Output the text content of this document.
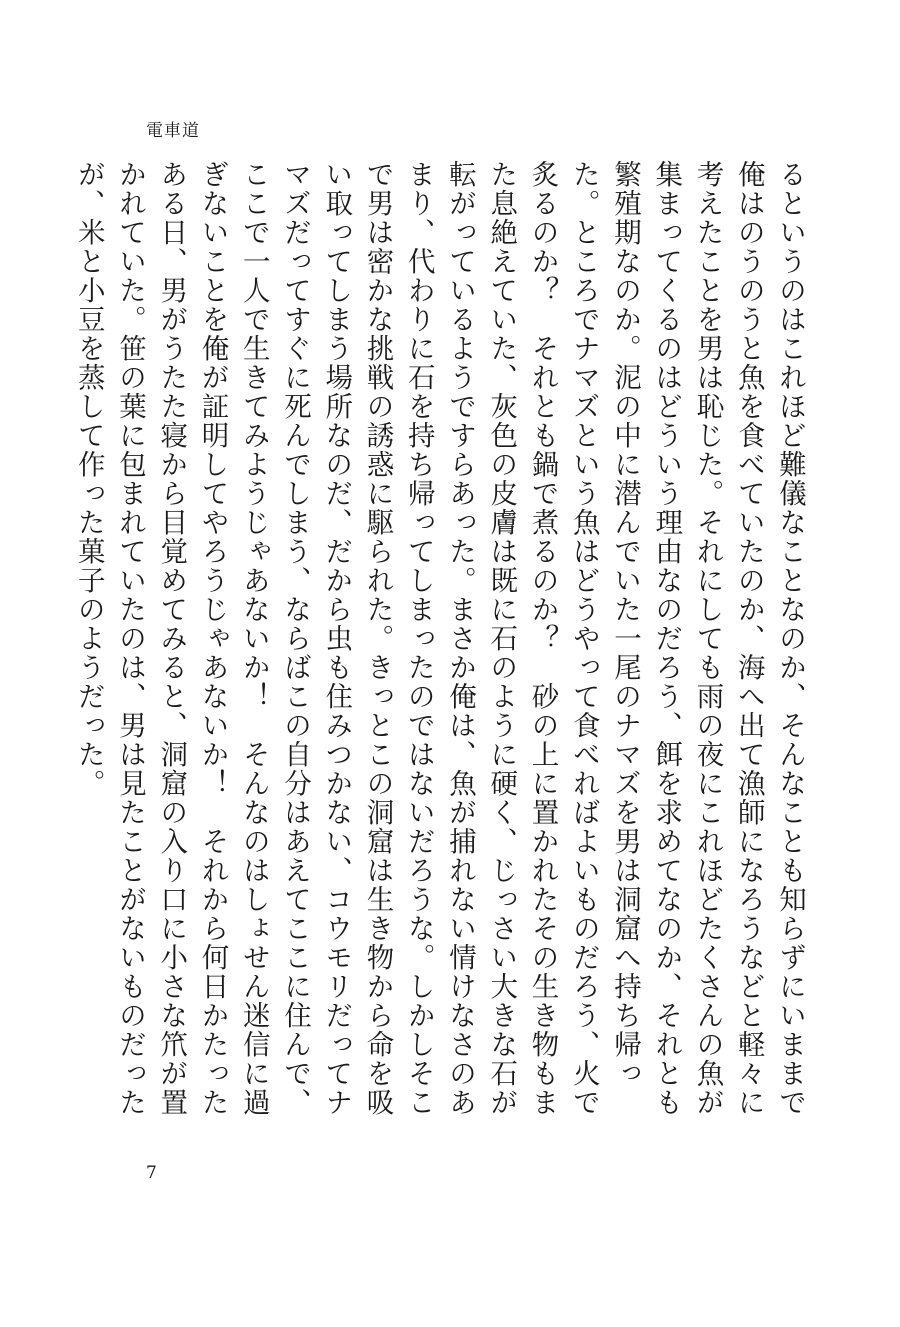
電車道

るというのはこれほど難儀なことなのか、そんなことも知らずにいままで俺はのうのうと魚を食べていたのか、海へ出て漁師になろうなどと軽々に考えたことを男は恥じた。それにしても雨の夜にこれほどたくさんの魚が集まってくるのはどういう理由なのだろう、餌を求めてなのか、それとも繁殖期なのか。泥の中に潜んでいた一尾のナマズを男は洞窟へ持ち帰った。ところでナマズという魚はどうやって食べればよいものだろう、火で炙るのか？　それとも鍋で煮るのか？　砂の上に置かれたその生き物もまた息絶えていた、灰色の皮膚は既に石のように硬く、じっさい大きな石が転がっているようですらあった。まさか俺は、魚が捕れない情けなさのあまり、代わりに石を持ち帰ってしまったのではないだろうな。しかしそこで男は密かな挑戦の誘惑に駆られた。きっとこの洞窟は生き物から命を吸い取ってしまう場所なのだ、だから虫も住みつかない、コウモリだってナマズだってすぐに死んでしまう、ならばこの自分はあえてここに住んで、ここで一人で生きてみようじゃあないか！　そんなのはしょせん迷信に過ぎないことを俺が証明してやろうじゃあないか！　それから何日かたったある日、男がうたた寝から目覚めてみると、洞窟の入り口に小さな笊が置かれていた。笹の葉に包まれていたのは、男は見たことがないものだったが、米と小豆を蒸して作った菓子のようだった。

7
